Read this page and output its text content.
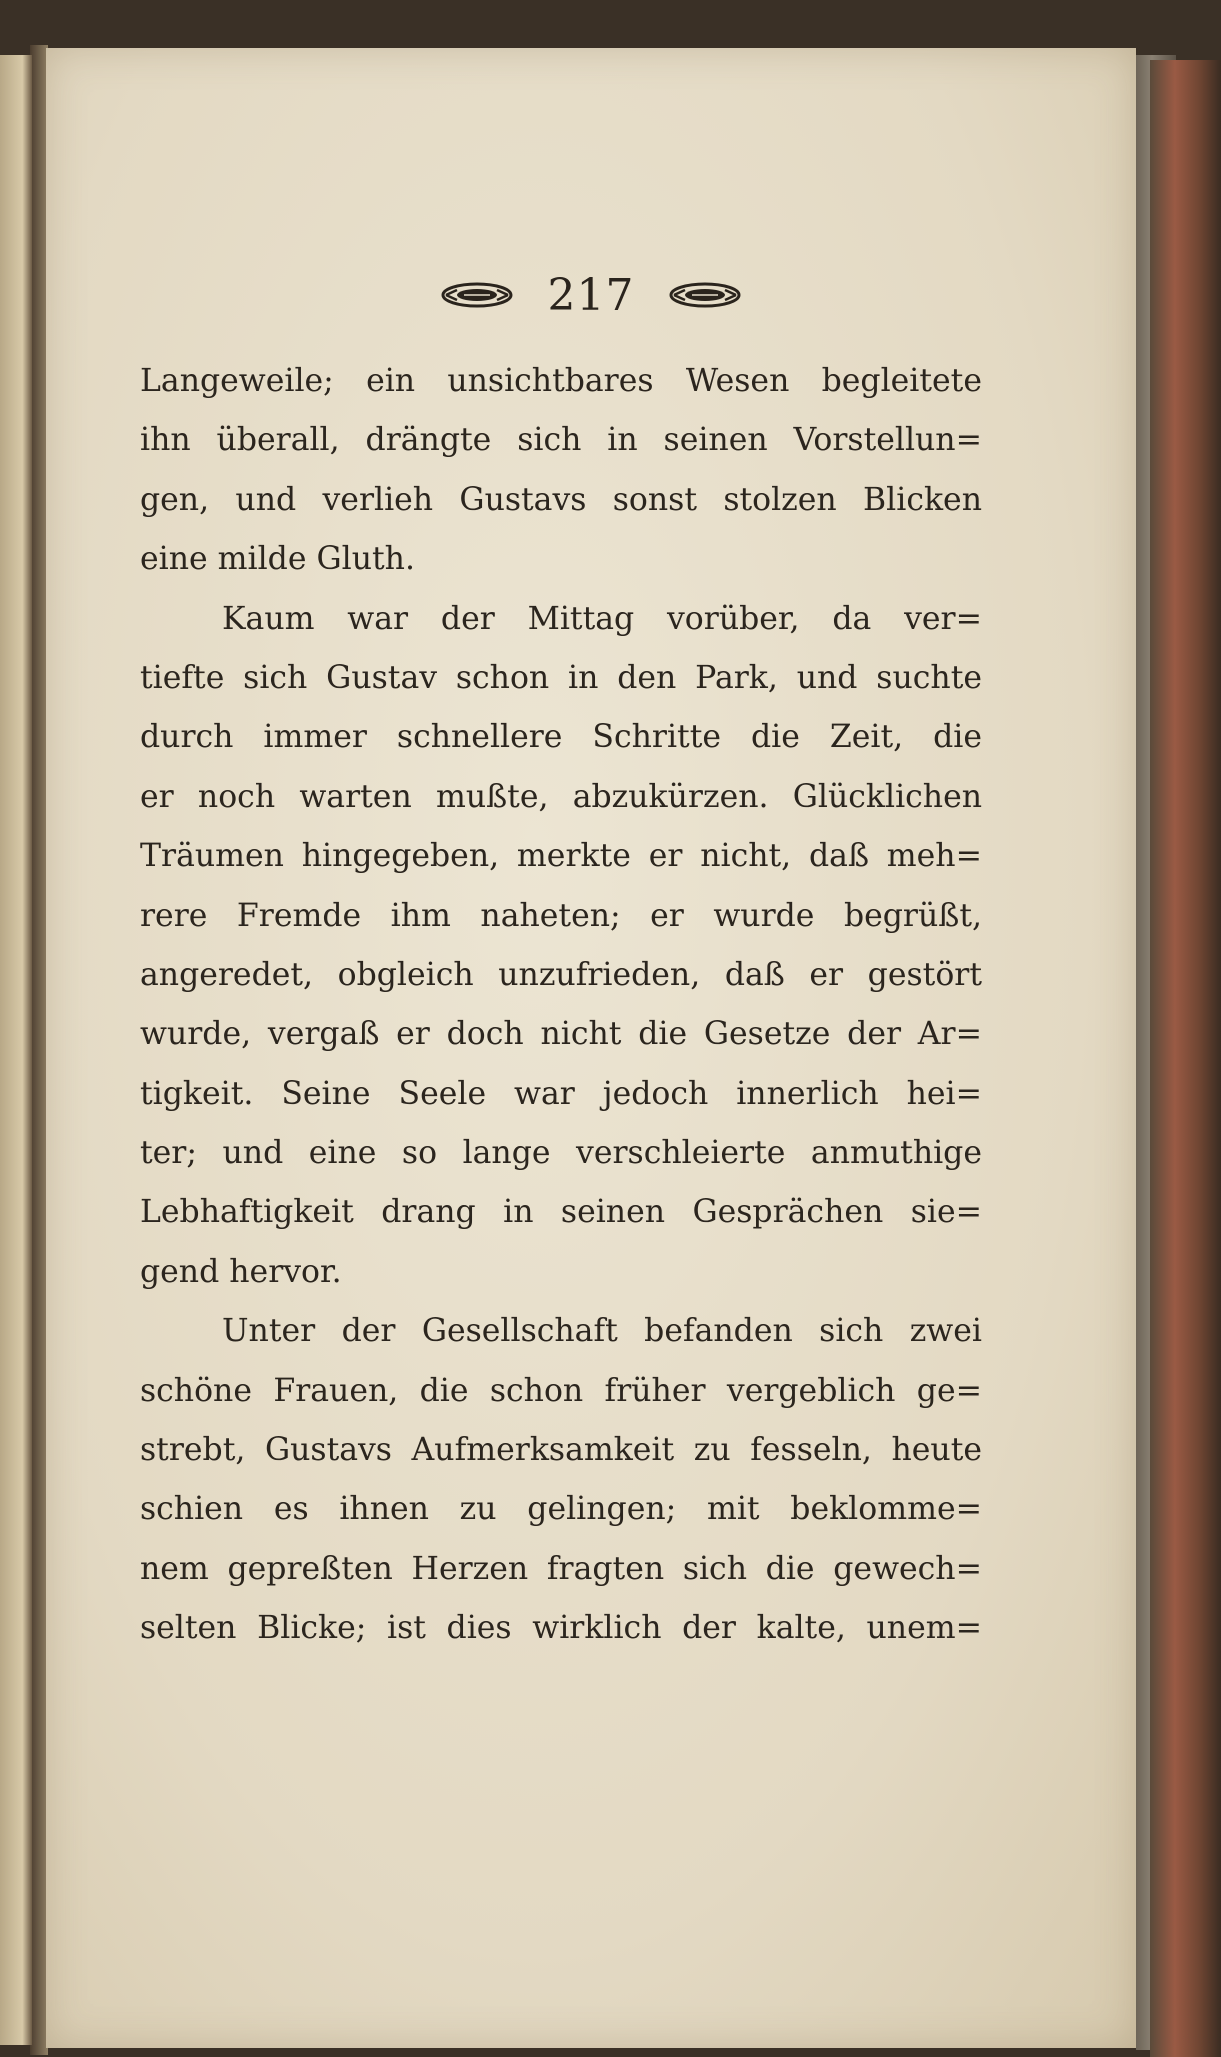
217
Langeweile; ein unsichtbares Wesen begleitete
ihn überall, drängte sich in seinen Vorstellun=
gen, und verlieh Gustavs sonst stolzen Blicken
eine milde Gluth.
Kaum war der Mittag vorüber, da ver=
tiefte sich Gustav schon in den Park, und suchte
durch immer schnellere Schritte die Zeit, die
er noch warten mußte, abzukürzen. Glücklichen
Träumen hingegeben, merkte er nicht, daß meh=
rere Fremde ihm naheten; er wurde begrüßt,
angeredet, obgleich unzufrieden, daß er gestört
wurde, vergaß er doch nicht die Gesetze der Ar=
tigkeit. Seine Seele war jedoch innerlich hei=
ter; und eine so lange verschleierte anmuthige
Lebhaftigkeit drang in seinen Gesprächen sie=
gend hervor.
Unter der Gesellschaft befanden sich zwei
schöne Frauen, die schon früher vergeblich ge=
strebt, Gustavs Aufmerksamkeit zu fesseln, heute
schien es ihnen zu gelingen; mit beklomme=
nem gepreßten Herzen fragten sich die gewech=
selten Blicke; ist dies wirklich der kalte, unem=
